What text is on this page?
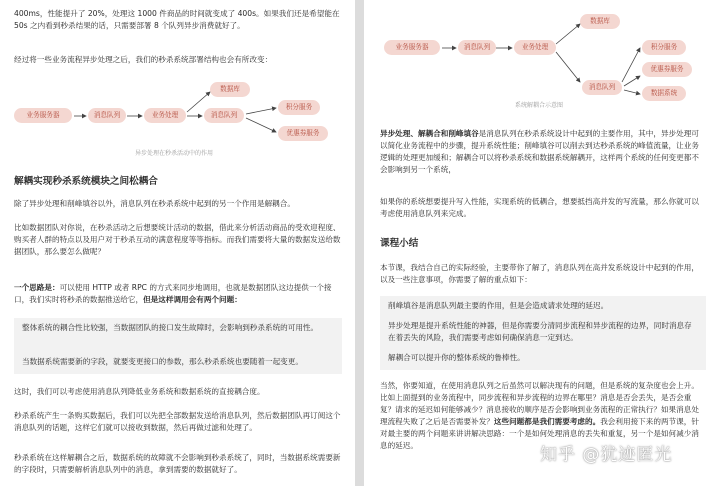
400ms，性能提升了 20%，处理这 1000 件商品的时间就变成了 400s。如果我们还是希望能在 50s 之内看到秒杀结果的话，只需要部署 8 个队列异步消费就好了。

经过将一些业务流程异步处理之后，我们的秒杀系统部署结构也会有所改变：

业务服务器	消息队列	业务处理
数据库
消息队列
积分服务
优惠券服务
异步处理在秒杀活动中的作用

解耦实现秒杀系统模块之间松耦合

除了异步处理和削峰填谷以外，消息队列在秒杀系统中起到的另一个作用是解耦合。

比如数据团队对你说，在秒杀活动之后想要统计活动的数据，借此来分析活动商品的受欢迎程度、购买者人群的特点以及用户对于秒杀互动的满意程度等等指标。而我们需要将大量的数据发送给数据团队，那么要怎么做呢？

一个思路是：可以使用 HTTP 或者 RPC 的方式来同步地调用，也就是数据团队这边提供一个接口，我们实时将秒杀的数据推送给它，但是这样调用会有两个问题：

整体系统的耦合性比较强，当数据团队的接口发生故障时，会影响到秒杀系统的可用性。

当数据系统需要新的字段，就要变更接口的参数，那么秒杀系统也要随着一起变更。

这时，我们可以考虑使用消息队列降低业务系统和数据系统的直接耦合度。

秒杀系统产生一条购买数据后，我们可以先把全部数据发送给消息队列，然后数据团队再订阅这个消息队列的话题，这样它们就可以接收到数据，然后再做过滤和处理了。

秒杀系统在这样解耦合之后，数据系统的故障就不会影响到秒杀系统了，同时，当数据系统需要新的字段时，只需要解析消息队列中的消息，拿到需要的数据就好了。

业务服务器	消息队列	业务处理
数据库
消息队列
积分服务
优惠券服务
数据系统
系统解耦合示意图

异步处理、解耦合和削峰填谷是消息队列在秒杀系统设计中起到的主要作用，其中，异步处理可以简化业务流程中的步骤，提升系统性能；削峰填谷可以削去到达秒杀系统的峰值流量，让业务逻辑的处理更加缓和；解耦合可以将秒杀系统和数据系统解耦开，这样两个系统的任何变更都不会影响到另一个系统，

如果你的系统想要提升写入性能，实现系统的低耦合，想要抵挡高并发的写流量，那么你就可以考虑使用消息队列来完成。

课程小结

本节课，我结合自己的实际经验，主要带你了解了，消息队列在高并发系统设计中起到的作用，以及一些注意事项，你需要了解的重点如下：

削峰填谷是消息队列最主要的作用，但是会造成请求处理的延迟。

异步处理是提升系统性能的神器，但是你需要分清同步流程和异步流程的边界，同时消息存在着丢失的风险，我们需要考虑如何确保消息一定到达。

解耦合可以提升你的整体系统的鲁棒性。

当然，你要知道，在使用消息队列之后虽然可以解决现有的问题，但是系统的复杂度也会上升。比如上面提到的业务流程中，同步流程和异步流程的边界在哪里？消息是否会丢失，是否会重复？请求的延迟如何能够减少？消息接收的顺序是否会影响到业务流程的正常执行？如果消息处理流程失败了之后是否需要补发？这些问题都是我们需要考虑的。我会利用接下来的两节课，针对最主要的两个问题来讲讲解决思路：一个是如何处理消息的丢失和重复，另一个是如何减少消息的延迟。	知乎 @犹迹匿光
